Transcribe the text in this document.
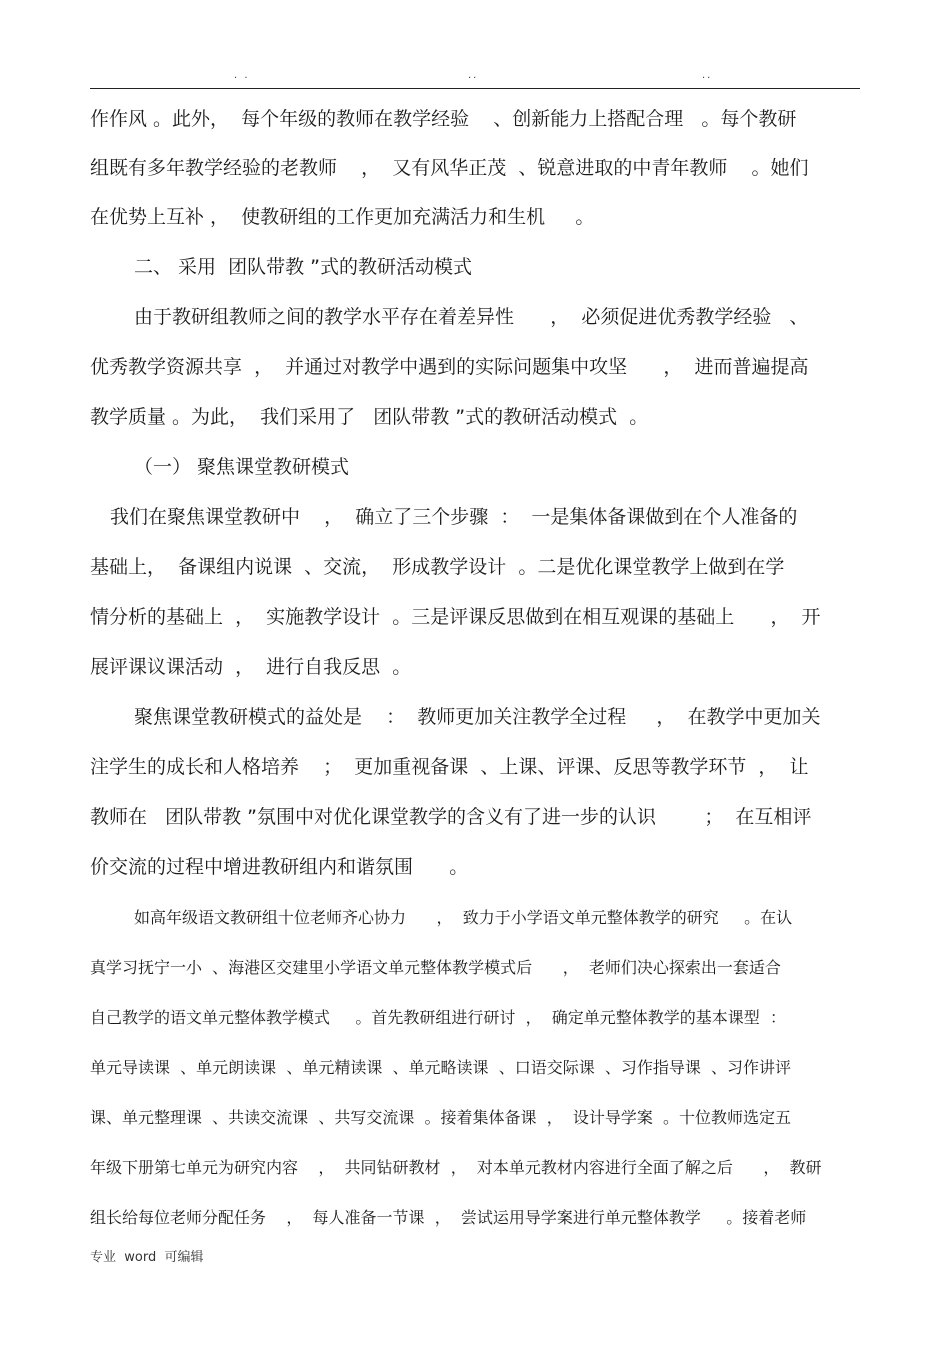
· ·	··	··
作作风 。此外，  每个年级的教师在教学经验    、创新能力上搭配合理   。每个教研
组既有多年教学经验的老教师    ，  又有风华正茂  、锐意进取的中青年教师    。她们
在优势上互补 ，  使教研组的工作更加充满活力和生机     。
二、 采用  团队带教 ”式的教研活动模式
由于教研组教师之间的教学水平存在着差异性      ，  必须促进优秀教学经验   、
优秀教学资源共享  ，  并通过对教学中遇到的实际问题集中攻坚      ，  进而普遍提高
教学质量 。为此，  我们采用了   团队带教 ”式的教研活动模式  。
（一） 聚焦课堂教研模式
我们在聚焦课堂教研中    ，  确立了三个步骤  ：  一是集体备课做到在个人准备的
基础上，  备课组内说课  、交流，  形成教学设计  。二是优化课堂教学上做到在学
情分析的基础上  ，  实施教学设计  。三是评课反思做到在相互观课的基础上      ，  开
展评课议课活动  ，  进行自我反思  。
聚焦课堂教研模式的益处是    ：  教师更加关注教学全过程     ，  在教学中更加关
注学生的成长和人格培养    ；  更加重视备课  、上课、评课、反思等教学环节  ，  让
教师在   团队带教 ”氛围中对优化课堂教学的含义有了进一步的认识        ；  在互相评
价交流的过程中增进教研组内和谐氛围      。
如高年级语文教研组十位老师齐心协力      ，  致力于小学语文单元整体教学的研究     。在认
真学习抚宁一小  、海港区交建里小学语文单元整体教学模式后      ，  老师们决心探索出一套适合
自己教学的语文单元整体教学模式     。首先教研组进行研讨  ，  确定单元整体教学的基本课型  ：
单元导读课  、单元朗读课  、单元精读课  、单元略读课  、口语交际课  、习作指导课  、习作讲评
课、单元整理课  、共读交流课  、共写交流课  。接着集体备课  ，  设计导学案  。十位教师选定五
年级下册第七单元为研究内容    ，  共同钻研教材  ，  对本单元教材内容进行全面了解之后      ，  教研
组长给每位老师分配任务    ，  每人准备一节课  ，  尝试运用导学案进行单元整体教学     。接着老师
专业  word  可编辑
